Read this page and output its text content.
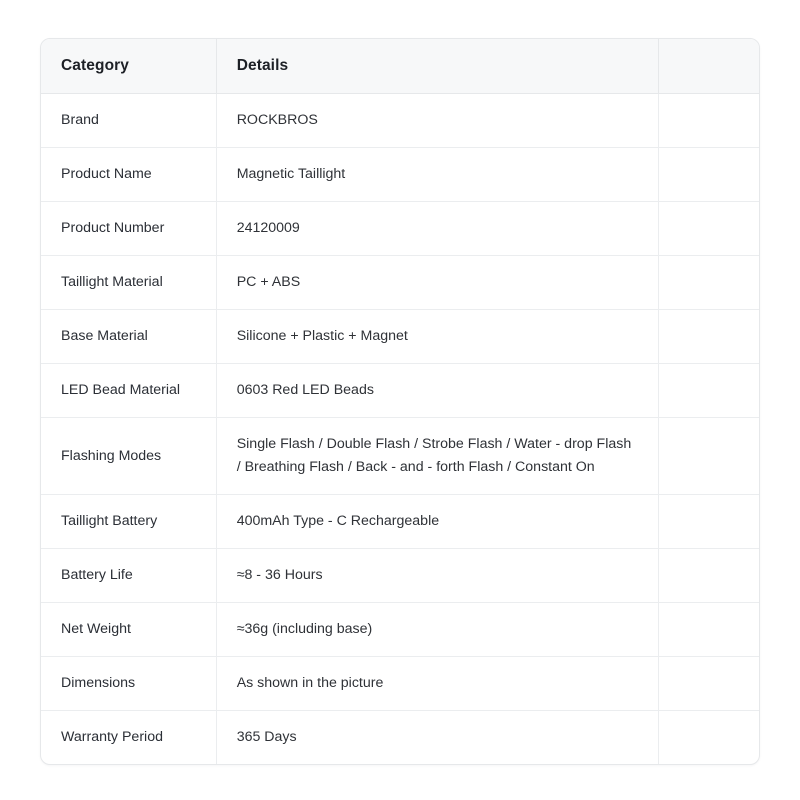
Category	Details	
Brand	ROCKBROS	
Product Name	Magnetic Taillight	
Product Number	24120009	
Taillight Material	PC + ABS	
Base Material	Silicone + Plastic + Magnet	
LED Bead Material	0603 Red LED Beads	
Flashing Modes	Single Flash / Double Flash / Strobe Flash / Water - drop Flash / Breathing Flash / Back - and - forth Flash / Constant On	
Taillight Battery	400mAh Type - C Rechargeable	
Battery Life	≈8 - 36 Hours	
Net Weight	≈36g (including base)	
Dimensions	As shown in the picture	
Warranty Period	365 Days	
